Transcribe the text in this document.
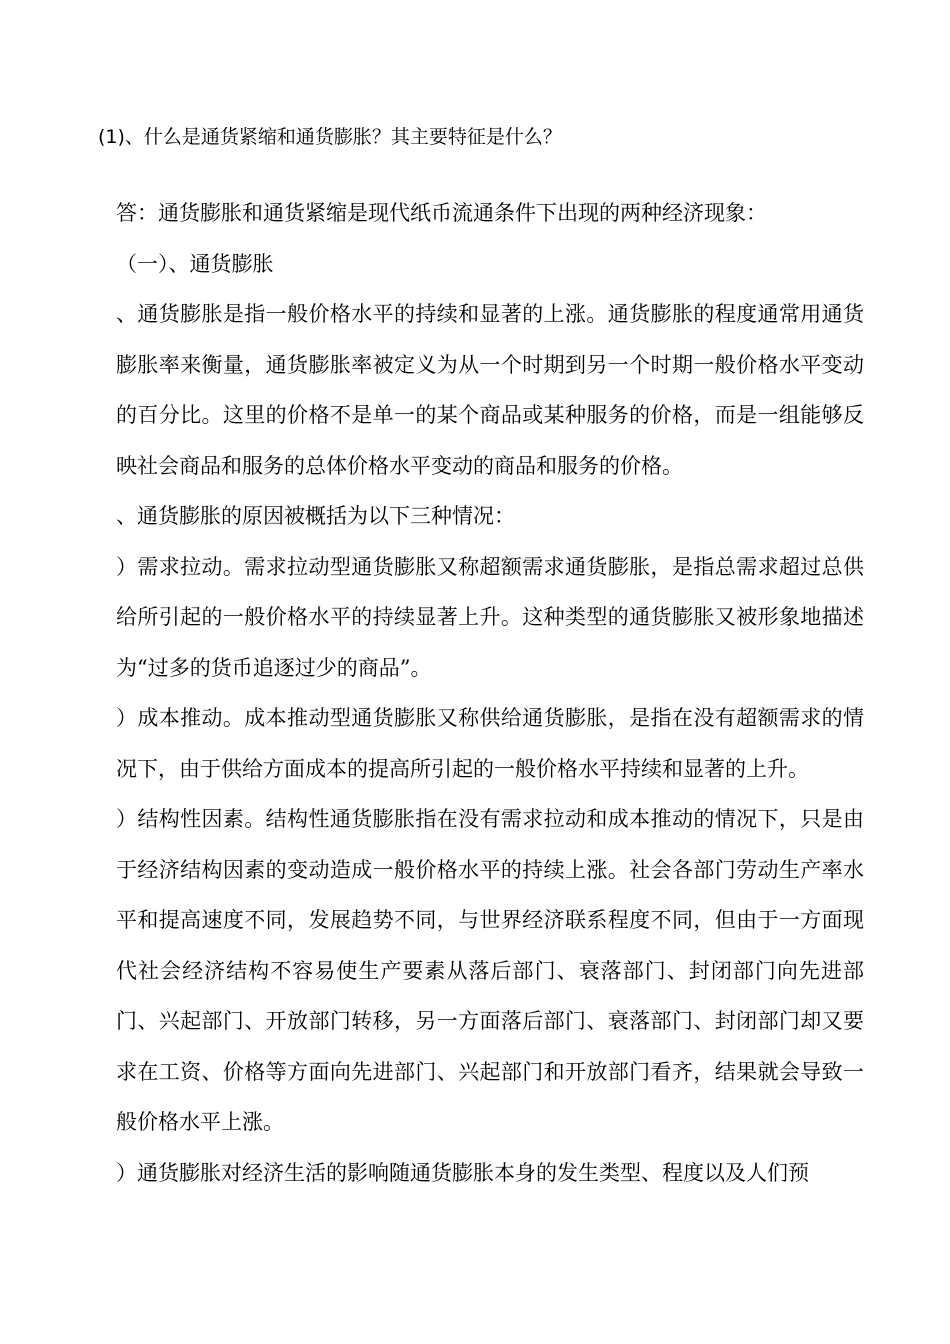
(1)、什么是通货紧缩和通货膨胀？其主要特征是什么？

答：通货膨胀和通货紧缩是现代纸币流通条件下出现的两种经济现象：

（一）、通货膨胀

、通货膨胀是指一般价格水平的持续和显著的上涨。通货膨胀的程度通常用通货膨胀率来衡量，通货膨胀率被定义为从一个时期到另一个时期一般价格水平变动的百分比。这里的价格不是单一的某个商品或某种服务的价格，而是一组能够反映社会商品和服务的总体价格水平变动的商品和服务的价格。

、通货膨胀的原因被概括为以下三种情况：

）需求拉动。需求拉动型通货膨胀又称超额需求通货膨胀，是指总需求超过总供给所引起的一般价格水平的持续显著上升。这种类型的通货膨胀又被形象地描述为“过多的货币追逐过少的商品”。

）成本推动。成本推动型通货膨胀又称供给通货膨胀，是指在没有超额需求的情况下，由于供给方面成本的提高所引起的一般价格水平持续和显著的上升。

）结构性因素。结构性通货膨胀指在没有需求拉动和成本推动的情况下，只是由于经济结构因素的变动造成一般价格水平的持续上涨。社会各部门劳动生产率水平和提高速度不同，发展趋势不同，与世界经济联系程度不同，但由于一方面现代社会经济结构不容易使生产要素从落后部门、衰落部门、封闭部门向先进部门、兴起部门、开放部门转移，另一方面落后部门、衰落部门、封闭部门却又要求在工资、价格等方面向先进部门、兴起部门和开放部门看齐，结果就会导致一般价格水平上涨。

）通货膨胀对经济生活的影响随通货膨胀本身的发生类型、程度以及人们预
